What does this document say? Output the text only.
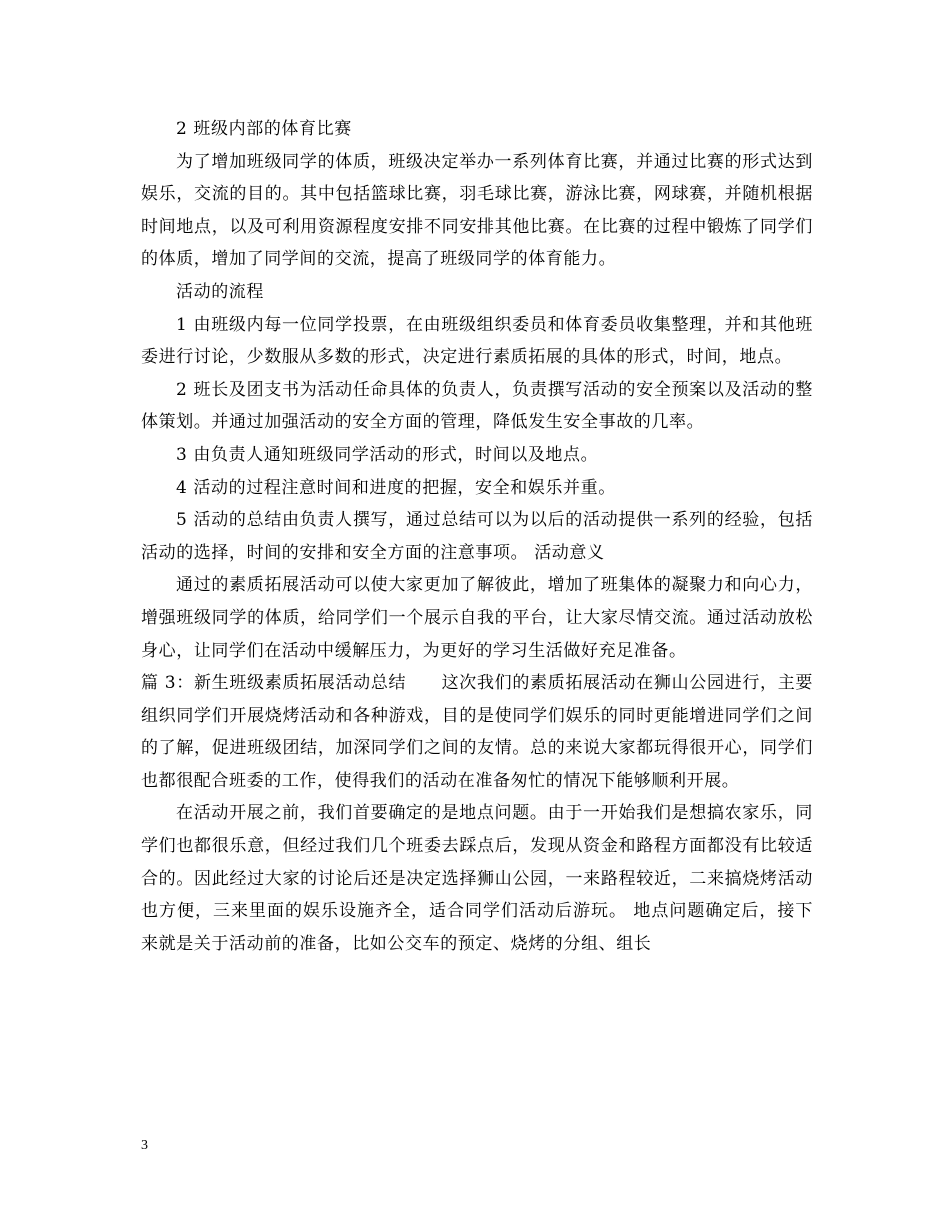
2 班级内部的体育比赛

为了增加班级同学的体质，班级决定举办一系列体育比赛，并通过比赛的形式达到娱乐，交流的目的。其中包括篮球比赛，羽毛球比赛，游泳比赛，网球赛，并随机根据时间地点，以及可利用资源程度安排不同安排其他比赛。在比赛的过程中锻炼了同学们的体质，增加了同学间的交流，提高了班级同学的体育能力。

活动的流程

1 由班级内每一位同学投票，在由班级组织委员和体育委员收集整理，并和其他班委进行讨论，少数服从多数的形式，决定进行素质拓展的具体的形式，时间，地点。

2 班长及团支书为活动任命具体的负责人，负责撰写活动的安全预案以及活动的整体策划。并通过加强活动的安全方面的管理，降低发生安全事故的几率。

3 由负责人通知班级同学活动的形式，时间以及地点。

4 活动的过程注意时间和进度的把握，安全和娱乐并重。

5 活动的总结由负责人撰写，通过总结可以为以后的活动提供一系列的经验，包括活动的选择，时间的安排和安全方面的注意事项。 活动意义

通过的素质拓展活动可以使大家更加了解彼此，增加了班集体的凝聚力和向心力，增强班级同学的体质，给同学们一个展示自我的平台，让大家尽情交流。通过活动放松身心，让同学们在活动中缓解压力，为更好的学习生活做好充足准备。

篇 3：新生班级素质拓展活动总结　　这次我们的素质拓展活动在狮山公园进行，主要组织同学们开展烧烤活动和各种游戏，目的是使同学们娱乐的同时更能增进同学们之间的了解，促进班级团结，加深同学们之间的友情。总的来说大家都玩得很开心，同学们也都很配合班委的工作，使得我们的活动在准备匆忙的情况下能够顺利开展。

在活动开展之前，我们首要确定的是地点问题。由于一开始我们是想搞农家乐，同学们也都很乐意，但经过我们几个班委去踩点后，发现从资金和路程方面都没有比较适合的。因此经过大家的讨论后还是决定选择狮山公园，一来路程较近，二来搞烧烤活动也方便，三来里面的娱乐设施齐全，适合同学们活动后游玩。 地点问题确定后，接下来就是关于活动前的准备，比如公交车的预定、烧烤的分组、组长

3
